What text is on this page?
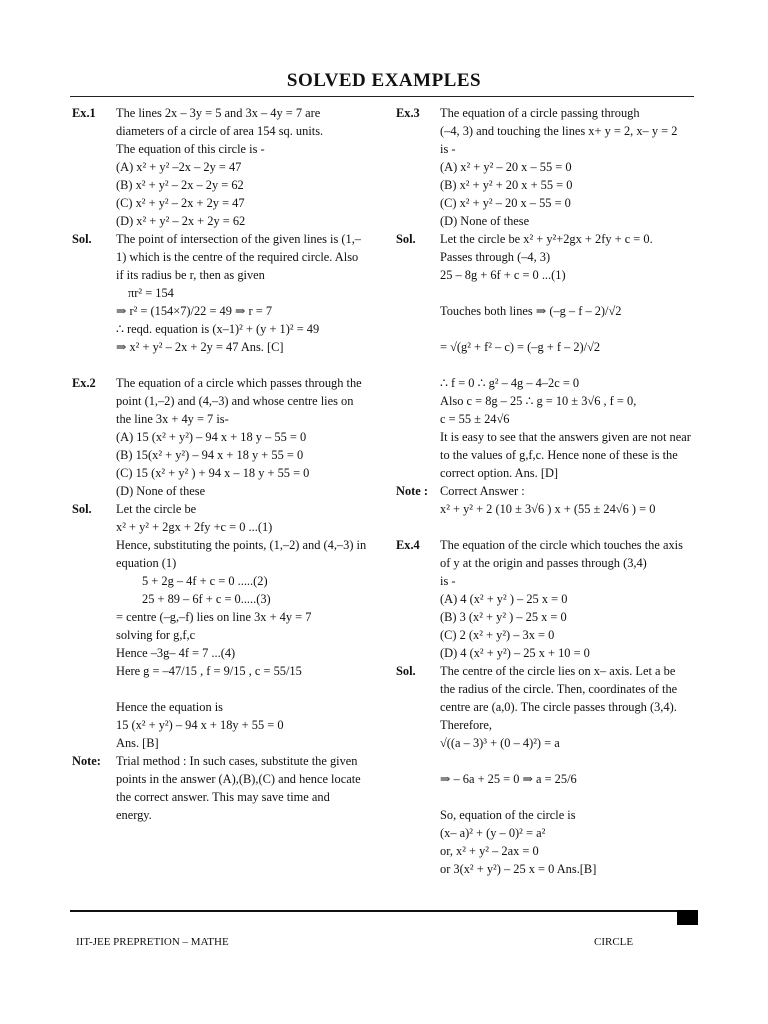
SOLVED EXAMPLES
Ex.1	The lines 2x – 3y = 5 and 3x – 4y = 7 are
diameters of a circle of area 154 sq. units.
The equation of this circle is -
(A) x² + y² –2x – 2y = 47
(B) x² + y² – 2x – 2y = 62
(C) x² + y² – 2x + 2y = 47
(D) x² + y² – 2x + 2y = 62
Sol.	The point of intersection of the given lines is (1,–
1) which is the centre of the required circle. Also
if its radius be r, then as given
πr² = 154
⇒ r² = (154×7)/22 = 49 ⇒ r = 7
∴ reqd. equation is (x–1)² + (y + 1)² = 49
⇒ x² + y² – 2x + 2y = 47 Ans. [C]

Ex.2	The equation of a circle which passes through the
point (1,–2) and (4,–3) and whose centre lies on
the line 3x + 4y = 7 is-
(A) 15 (x² + y²) – 94 x + 18 y – 55 = 0
(B) 15(x² + y²) – 94 x + 18 y + 55 = 0
(C) 15 (x² + y² ) + 94 x – 18 y + 55 = 0
(D) None of these
Sol.	Let the circle be
x² + y² + 2gx + 2fy +c = 0 ...(1)
Hence, substituting the points, (1,–2) and (4,–3) in
equation (1)
5 + 2g – 4f + c = 0 .....(2)
25 + 89 – 6f + c = 0.....(3)
= centre (–g,–f) lies on line 3x + 4y = 7
solving for g,f,c
Hence –3g– 4f = 7 ...(4)
Here g = –47/15 , f = 9/15 , c = 55/15

Hence the equation is
15 (x² + y²) – 94 x + 18y + 55 = 0
Ans. [B]
Note:	Trial method : In such cases, substitute the given
points in the answer (A),(B),(C) and hence locate
the correct answer. This may save time and
energy.
Ex.3	The equation of a circle passing through
(–4, 3) and touching the lines x+ y = 2, x– y = 2
is -
(A) x² + y² – 20 x – 55 = 0
(B) x² + y² + 20 x + 55 = 0
(C) x² + y² – 20 x – 55 = 0
(D) None of these
Sol.	Let the circle be x² + y²+2gx + 2fy + c = 0.
Passes through (–4, 3)
25 – 8g + 6f + c = 0 ...(1)

Touches both lines ⇒ (–g – f – 2)/√2

= √(g² + f² – c) = (–g + f – 2)/√2

∴ f = 0 ∴ g² – 4g – 4–2c = 0
Also c = 8g – 25 ∴ g = 10 ± 3√6 , f = 0,
c = 55 ± 24√6
It is easy to see that the answers given are not near
to the values of g,f,c. Hence none of these is the
correct option. Ans. [D]
Note : Correct Answer :
x² + y² + 2 (10 ± 3√6 ) x + (55 ± 24√6 ) = 0

Ex.4	The equation of the circle which touches the axis
of y at the origin and passes through (3,4)
is -
(A) 4 (x² + y² ) – 25 x = 0
(B) 3 (x² + y² ) – 25 x = 0
(C) 2 (x² + y²) – 3x = 0
(D) 4 (x² + y²) – 25 x + 10 = 0
Sol.	The centre of the circle lies on x– axis. Let a be
the radius of the circle. Then, coordinates of the
centre are (a,0). The circle passes through (3,4).
Therefore,
√((a – 3)³ + (0 – 4)²) = a

⇒ – 6a + 25 = 0 ⇒ a = 25/6

So, equation of the circle is
(x– a)² + (y – 0)² = a²
or, x² + y² – 2ax = 0
or 3(x² + y²) – 25 x = 0 Ans.[B]
IIT-JEE PREPRETION – MATHE	CIRCLE
